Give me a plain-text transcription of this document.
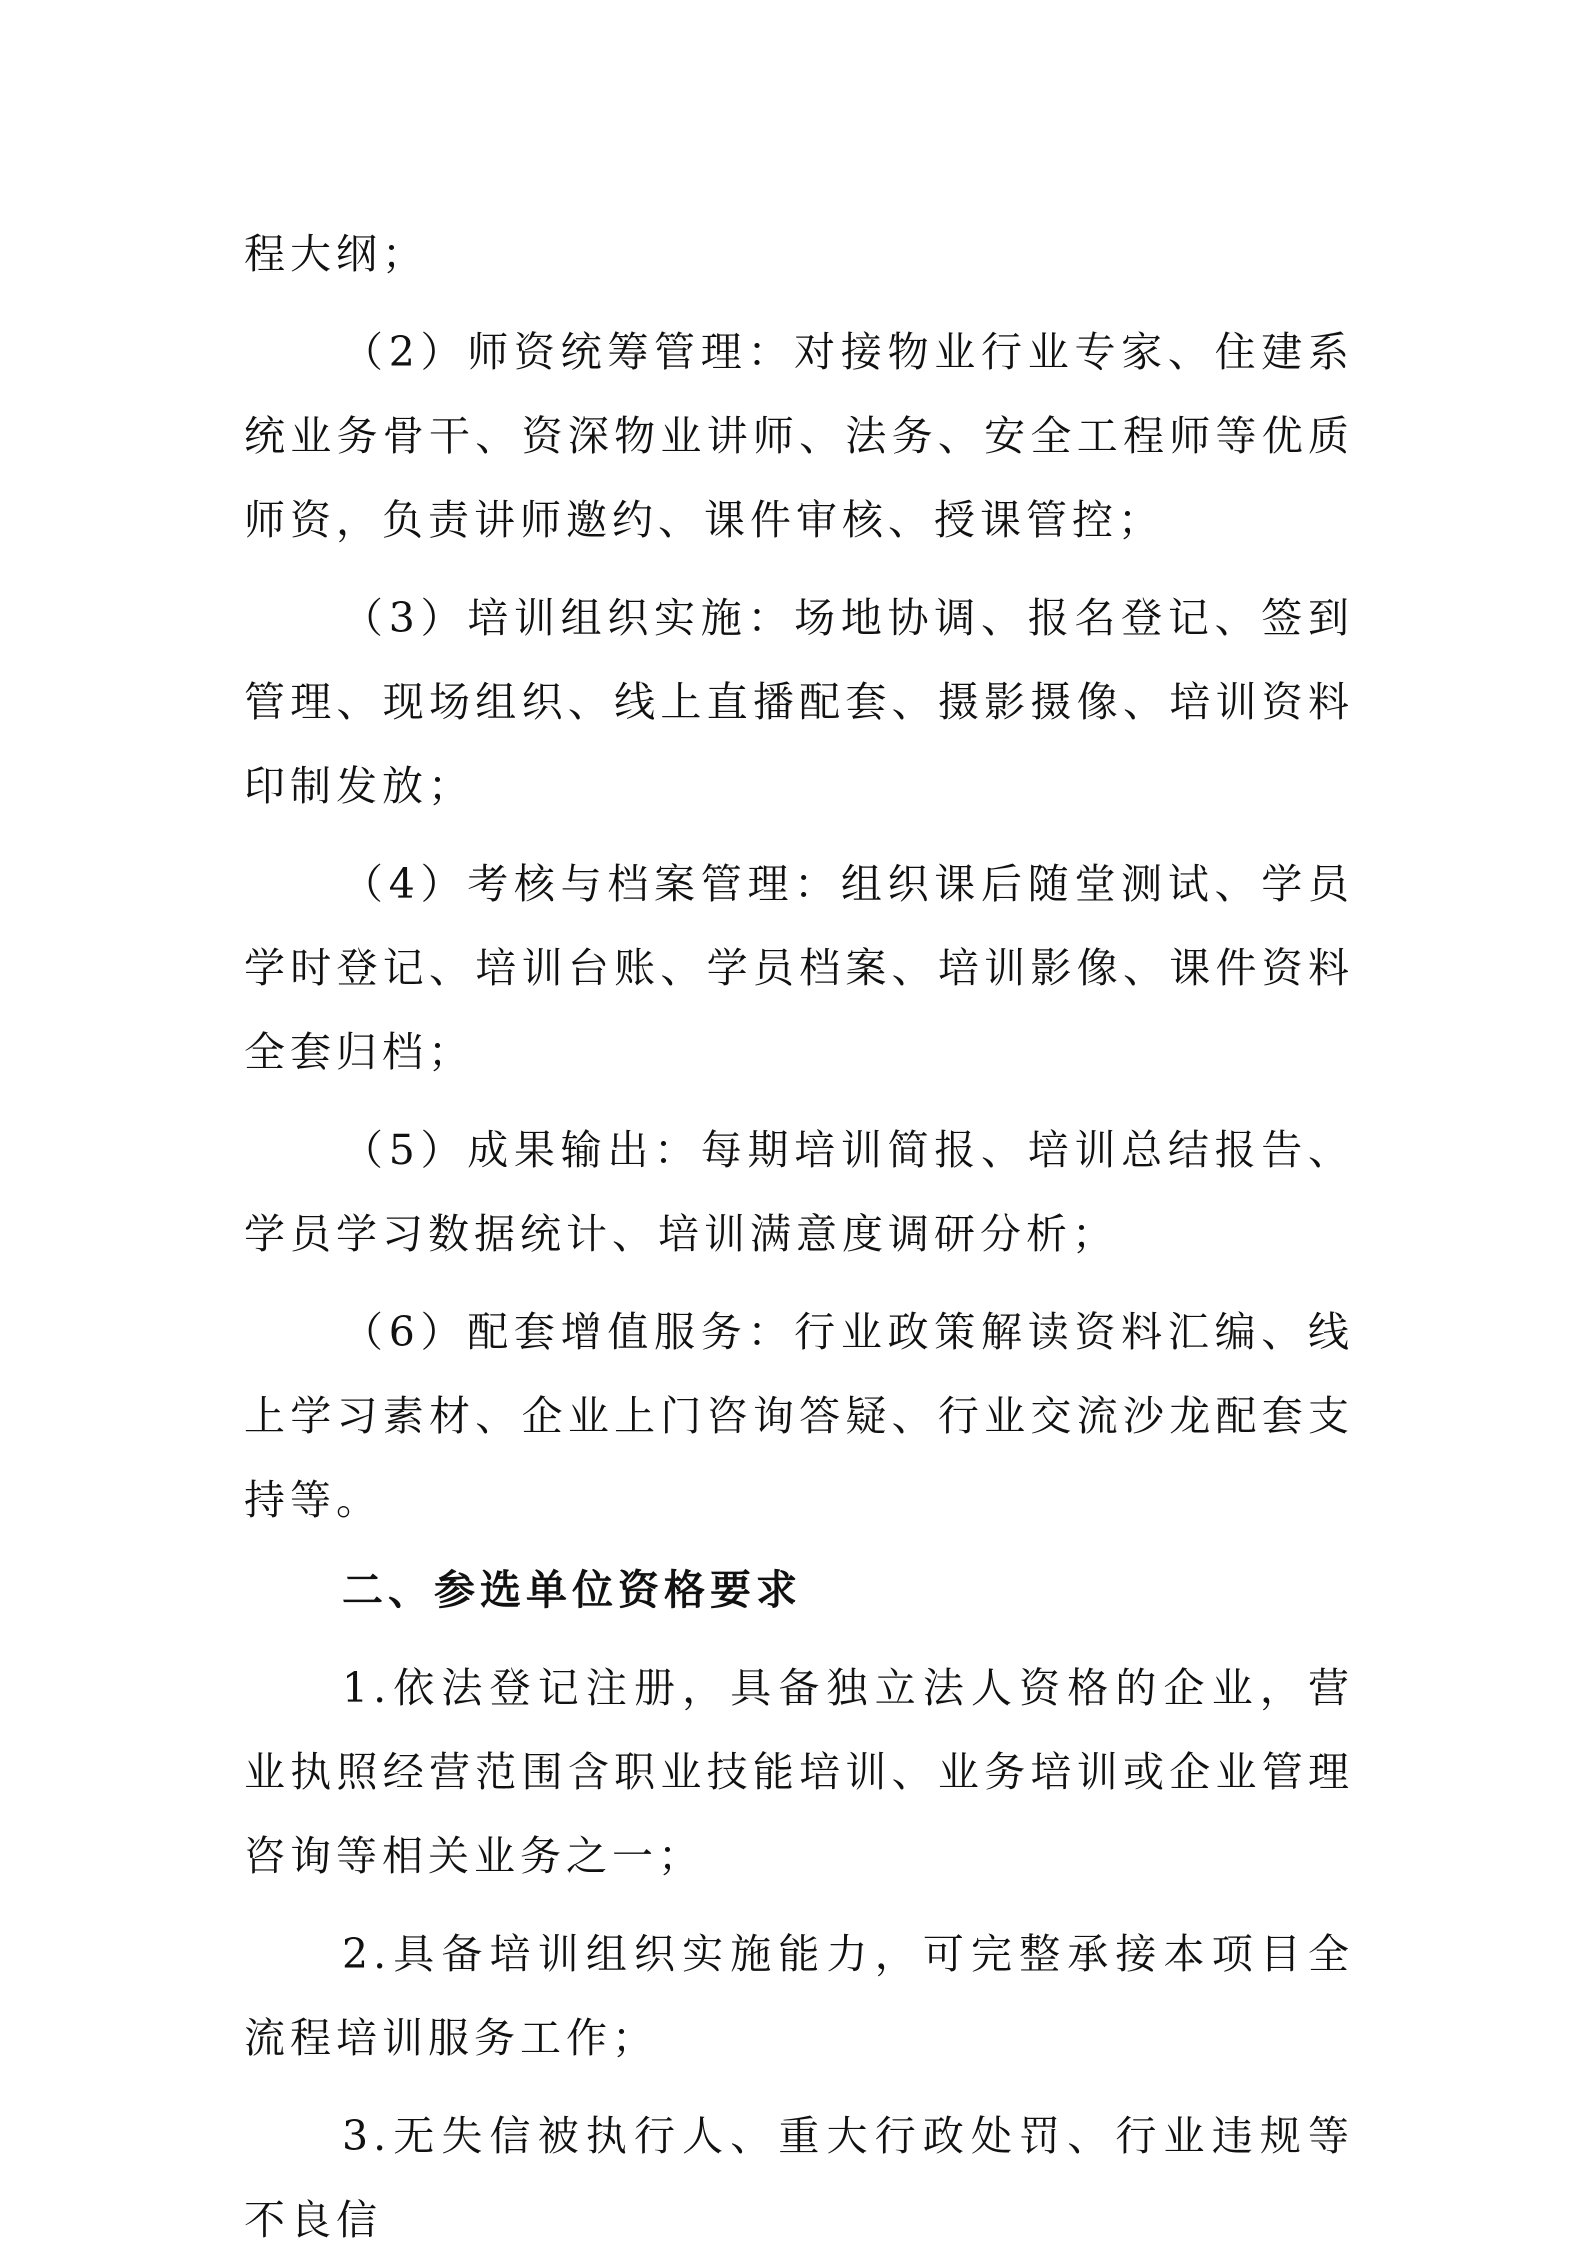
程大纲；

（2）师资统筹管理：对接物业行业专家、住建系统业务骨干、资深物业讲师、法务、安全工程师等优质师资，负责讲师邀约、课件审核、授课管控；

（3）培训组织实施：场地协调、报名登记、签到管理、现场组织、线上直播配套、摄影摄像、培训资料印制发放；

（4）考核与档案管理：组织课后随堂测试、学员学时登记、培训台账、学员档案、培训影像、课件资料全套归档；

（5）成果输出：每期培训简报、培训总结报告、学员学习数据统计、培训满意度调研分析；

（6）配套增值服务：行业政策解读资料汇编、线上学习素材、企业上门咨询答疑、行业交流沙龙配套支持等。

二、参选单位资格要求

1.依法登记注册，具备独立法人资格的企业，营业执照经营范围含职业技能培训、业务培训或企业管理咨询等相关业务之一；

2.具备培训组织实施能力，可完整承接本项目全流程培训服务工作；

3.无失信被执行人、重大行政处罚、行业违规等不良信
